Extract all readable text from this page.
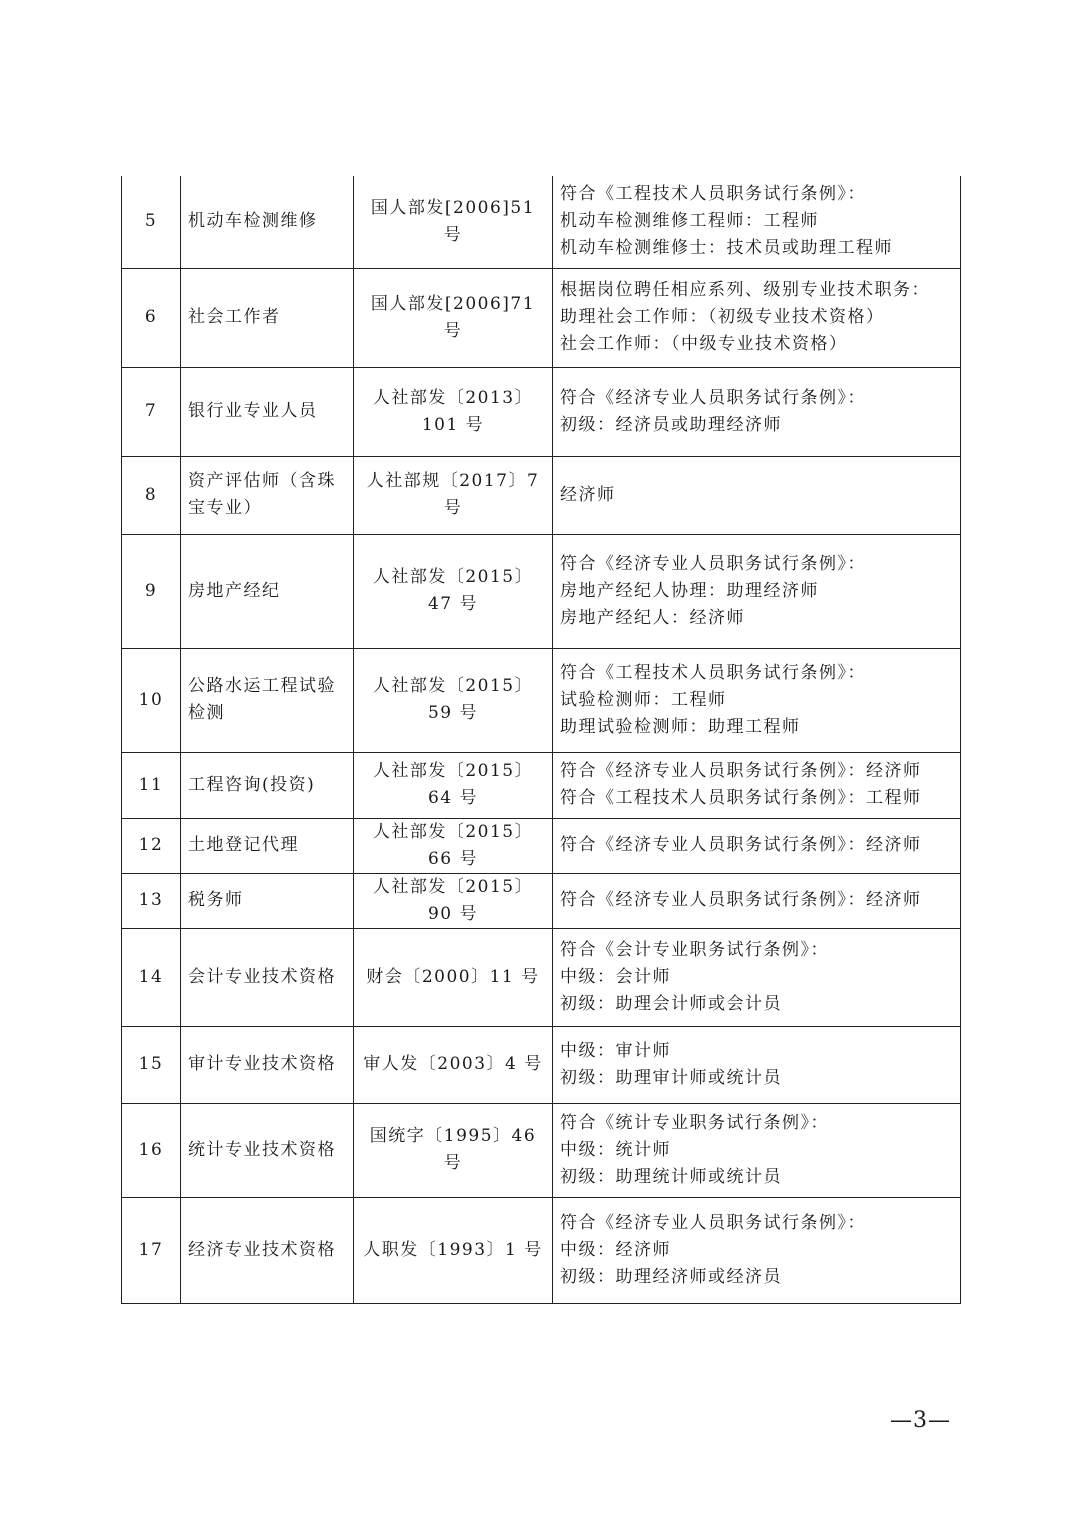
5	机动车检测维修	国人部发[2006]51 号	符合《工程技术人员职务试行条例》：
机动车检测维修工程师：工程师
机动车检测维修士：技术员或助理工程师

6	社会工作者	国人部发[2006]71 号	根据岗位聘任相应系列、级别专业技术职务：
助理社会工作师：（初级专业技术资格）
社会工作师：（中级专业技术资格）

7	银行业专业人员	人社部发〔2013〕101 号	符合《经济专业人员职务试行条例》：
初级：经济员或助理经济师

8	资产评估师（含珠宝专业）	人社部规〔2017〕7 号	经济师

9	房地产经纪	人社部发〔2015〕47 号	符合《经济专业人员职务试行条例》：
房地产经纪人协理：助理经济师
房地产经纪人：经济师

10	公路水运工程试验检测	人社部发〔2015〕59 号	符合《工程技术人员职务试行条例》：
试验检测师：工程师
助理试验检测师：助理工程师

11	工程咨询(投资)	人社部发〔2015〕64 号	符合《经济专业人员职务试行条例》：经济师
符合《工程技术人员职务试行条例》：工程师

12	土地登记代理	人社部发〔2015〕66 号	符合《经济专业人员职务试行条例》：经济师

13	税务师	人社部发〔2015〕90 号	符合《经济专业人员职务试行条例》：经济师

14	会计专业技术资格	财会〔2000〕11 号	符合《会计专业职务试行条例》：
中级：会计师
初级：助理会计师或会计员

15	审计专业技术资格	审人发〔2003〕4 号	中级：审计师
初级：助理审计师或统计员

16	统计专业技术资格	国统字〔1995〕46 号	符合《统计专业职务试行条例》：
中级：统计师
初级：助理统计师或统计员

17	经济专业技术资格	人职发〔1993〕1 号	符合《经济专业人员职务试行条例》：
中级：经济师
初级：助理经济师或经济员
—3—
